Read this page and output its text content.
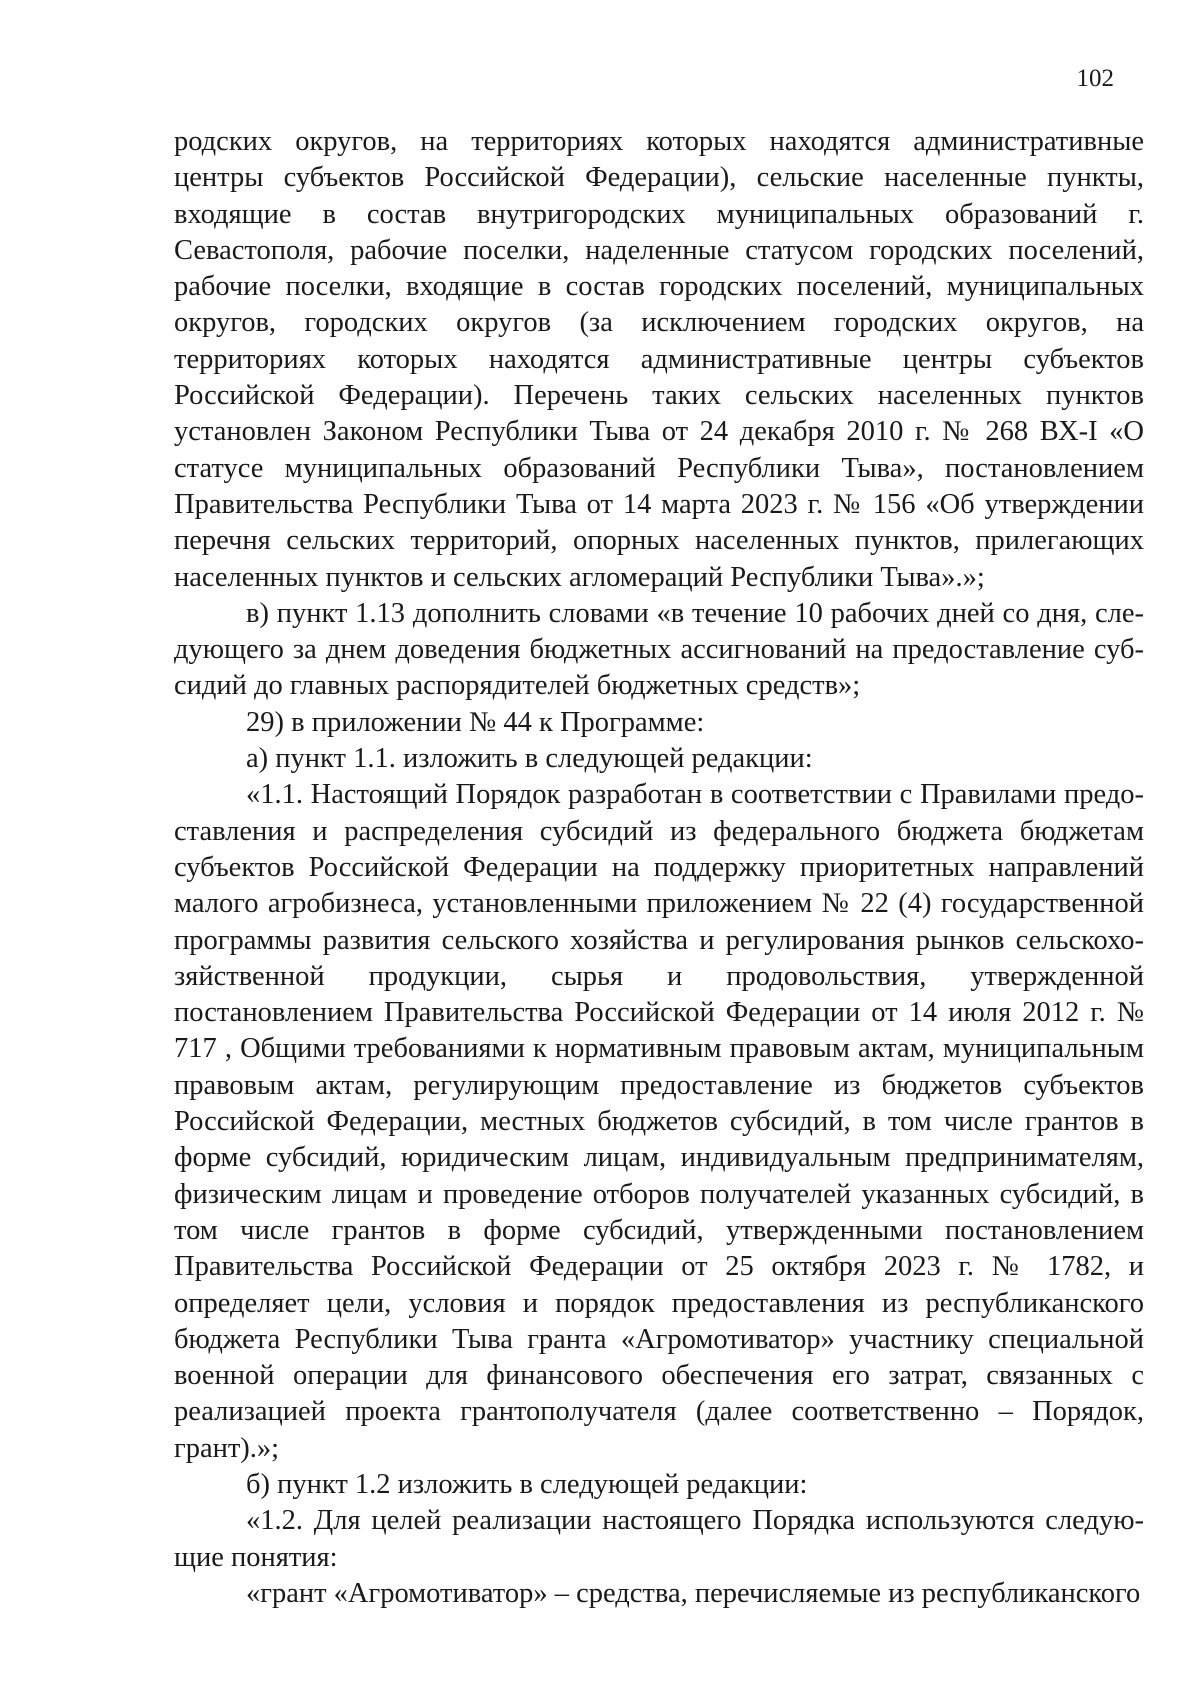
102

родских округов, на территориях которых находятся административные центры субъектов Российской Федерации), сельские населенные пункты, входящие в состав внутригородских муниципальных образований г. Севастополя, рабочие поселки, наделенные статусом городских поселений, рабочие поселки, входящие в состав городских поселений, муниципальных округов, городских округов (за исключением городских округов, на территориях которых находятся административные центры субъектов Российской Федерации). Перечень таких сельских населенных пунктов установлен Законом Республики Тыва от 24 декабря 2010 г. № 268 ВХ-I «О статусе муниципальных образований Республики Тыва», постановлением Правительства Республики Тыва от 14 марта 2023 г. № 156 «Об утверждении перечня сельских территорий, опорных населенных пунктов, прилегающих населенных пунктов и сельских агломераций Республики Тыва».»;

в) пункт 1.13 дополнить словами «в течение 10 рабочих дней со дня, следующего за днем доведения бюджетных ассигнований на предоставление субсидий до главных распорядителей бюджетных средств»;

29) в приложении № 44 к Программе:

а) пункт 1.1. изложить в следующей редакции:

«1.1. Настоящий Порядок разработан в соответствии с Правилами предоставления и распределения субсидий из федерального бюджета бюджетам субъектов Российской Федерации на поддержку приоритетных направлений малого агробизнеса, установленными приложением № 22 (4) государственной программы развития сельского хозяйства и регулирования рынков сельскохозяйственной продукции, сырья и продовольствия, утвержденной постановлением Правительства Российской Федерации от 14 июля 2012 г. № 717 , Общими требованиями к нормативным правовым актам, муниципальным правовым актам, регулирующим предоставление из бюджетов субъектов Российской Федерации, местных бюджетов субсидий, в том числе грантов в форме субсидий, юридическим лицам, индивидуальным предпринимателям, физическим лицам и проведение отборов получателей указанных субсидий, в том числе грантов в форме субсидий, утвержденными постановлением Правительства Российской Федерации от 25 октября 2023 г. № 1782, и определяет цели, условия и порядок предоставления из республиканского бюджета Республики Тыва гранта «Агромотиватор» участнику специальной военной операции для финансового обеспечения его затрат, связанных с реализацией проекта грантополучателя (далее соответственно – Порядок, грант).»;

б) пункт 1.2 изложить в следующей редакции:

«1.2. Для целей реализации настоящего Порядка используются следующие понятия:

«грант «Агромотиватор» – средства, перечисляемые из республиканского
